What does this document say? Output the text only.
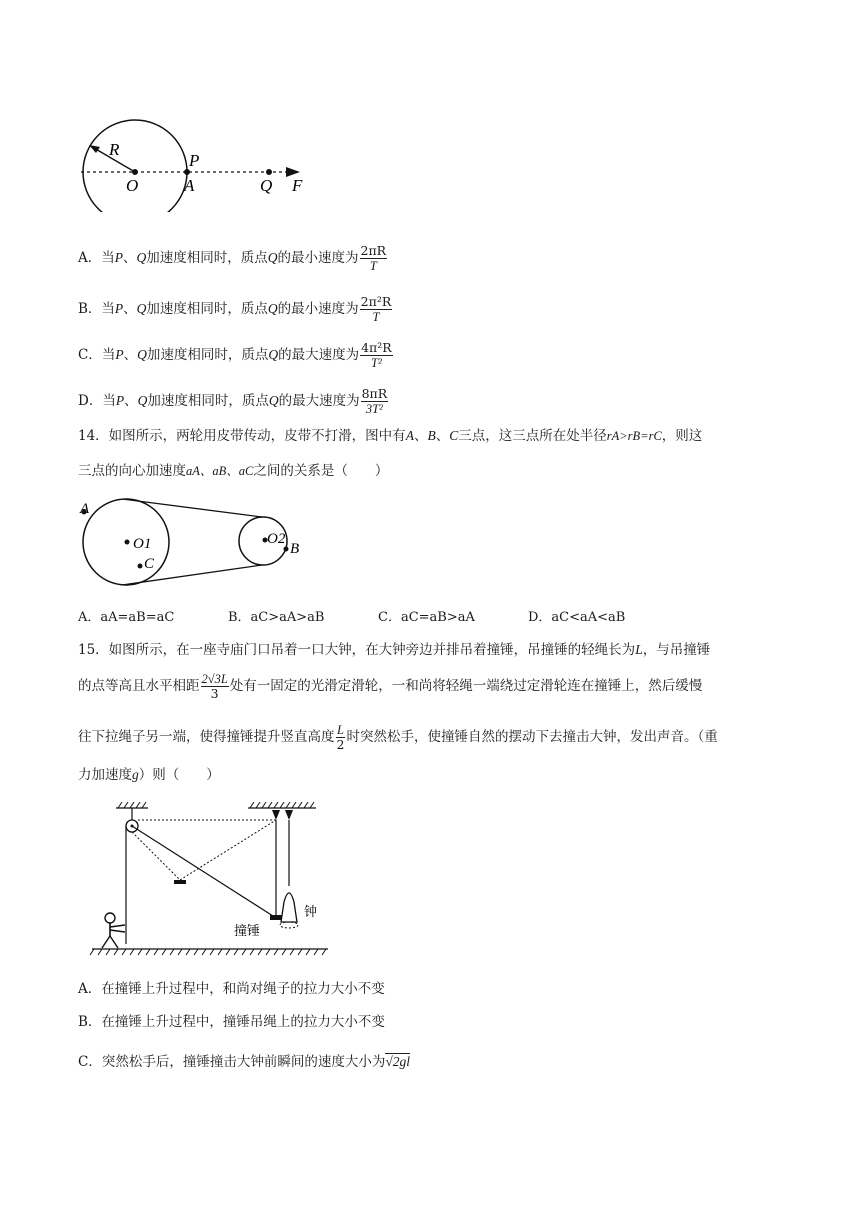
R
O
P
A	Q F
A．当P、Q加速度相同时，质点Q的最小速度为 $\frac{2\pi R}{T}$
B．当P、Q加速度相同时，质点Q的最小速度为 $\frac{\text{2π²R}}{T}$
C．当P、Q加速度相同时，质点Q的最大速度为 $\frac{\text{4π²R}}{\text{T²}}$
D．当P、Q加速度相同时，质点Q的最大速度为 $\frac{8\pi R}{\text{3T²}}$
14．如图所示，两轮用皮带传动，皮带不打滑，图中有A、B、C三点，这三点所在处半径rA>rB=rC，则这
三点的向心加速度aA、aB、aC之间的关系是（　　）
A
O1
C
O2
B
A．aA=aB=aC	B．aC>aA>aB	C．aC=aB>aA	D．aC<aA<aB
15．如图所示，在一座寺庙门口吊着一口大钟，在大钟旁边并排吊着撞锤，吊撞锤的轻绳长为L，与吊撞锤
的点等高且水平相距 $\frac{2√3L}{3}$ 处有一固定的光滑定滑轮，一和尚将轻绳一端绕过定滑轮连在撞锤上，然后缓慢
往下拉绳子另一端，使得撞锤提升竖直高度 $\frac{L}{2}$ 时突然松手，使撞锤自然的摆动下去撞击大钟，发出声音。（重
力加速度g）则（　　）
撞锤
钟
A．在撞锤上升过程中，和尚对绳子的拉力大小不变
B．在撞锤上升过程中，撞锤吊绳上的拉力大小不变
C．突然松手后，撞锤撞击大钟前瞬间的速度大小为√2gl
